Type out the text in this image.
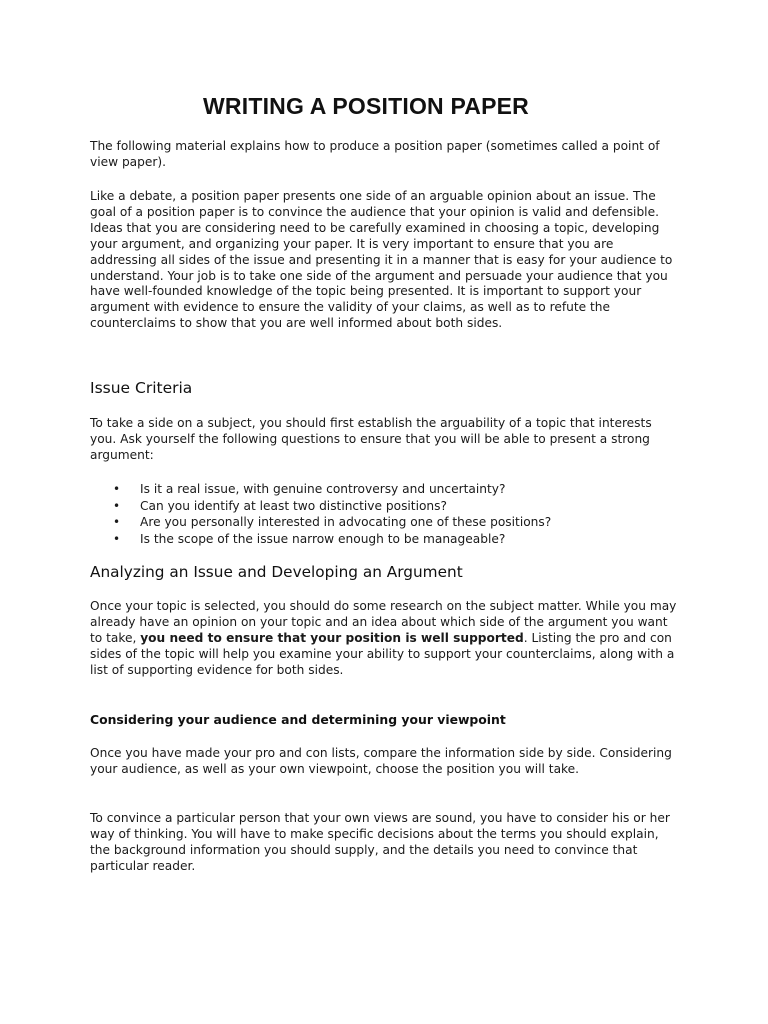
WRITING A POSITION PAPER

The following material explains how to produce a position paper (sometimes called a point of view paper).

Like a debate, a position paper presents one side of an arguable opinion about an issue. The goal of a position paper is to convince the audience that your opinion is valid and defensible. Ideas that you are considering need to be carefully examined in choosing a topic, developing your argument, and organizing your paper. It is very important to ensure that you are addressing all sides of the issue and presenting it in a manner that is easy for your audience to understand. Your job is to take one side of the argument and persuade your audience that you have well-founded knowledge of the topic being presented. It is important to support your argument with evidence to ensure the validity of your claims, as well as to refute the counterclaims to show that you are well informed about both sides.

Issue Criteria

To take a side on a subject, you should first establish the arguability of a topic that interests you. Ask yourself the following questions to ensure that you will be able to present a strong argument:

• Is it a real issue, with genuine controversy and uncertainty?
• Can you identify at least two distinctive positions?
• Are you personally interested in advocating one of these positions?
• Is the scope of the issue narrow enough to be manageable?
Analyzing an Issue and Developing an Argument

Once your topic is selected, you should do some research on the subject matter. While you may already have an opinion on your topic and an idea about which side of the argument you want to take, you need to ensure that your position is well supported. Listing the pro and con sides of the topic will help you examine your ability to support your counterclaims, along with a list of supporting evidence for both sides.

Considering your audience and determining your viewpoint

Once you have made your pro and con lists, compare the information side by side. Considering your audience, as well as your own viewpoint, choose the position you will take.

To convince a particular person that your own views are sound, you have to consider his or her way of thinking. You will have to make specific decisions about the terms you should explain, the background information you should supply, and the details you need to convince that particular reader.
